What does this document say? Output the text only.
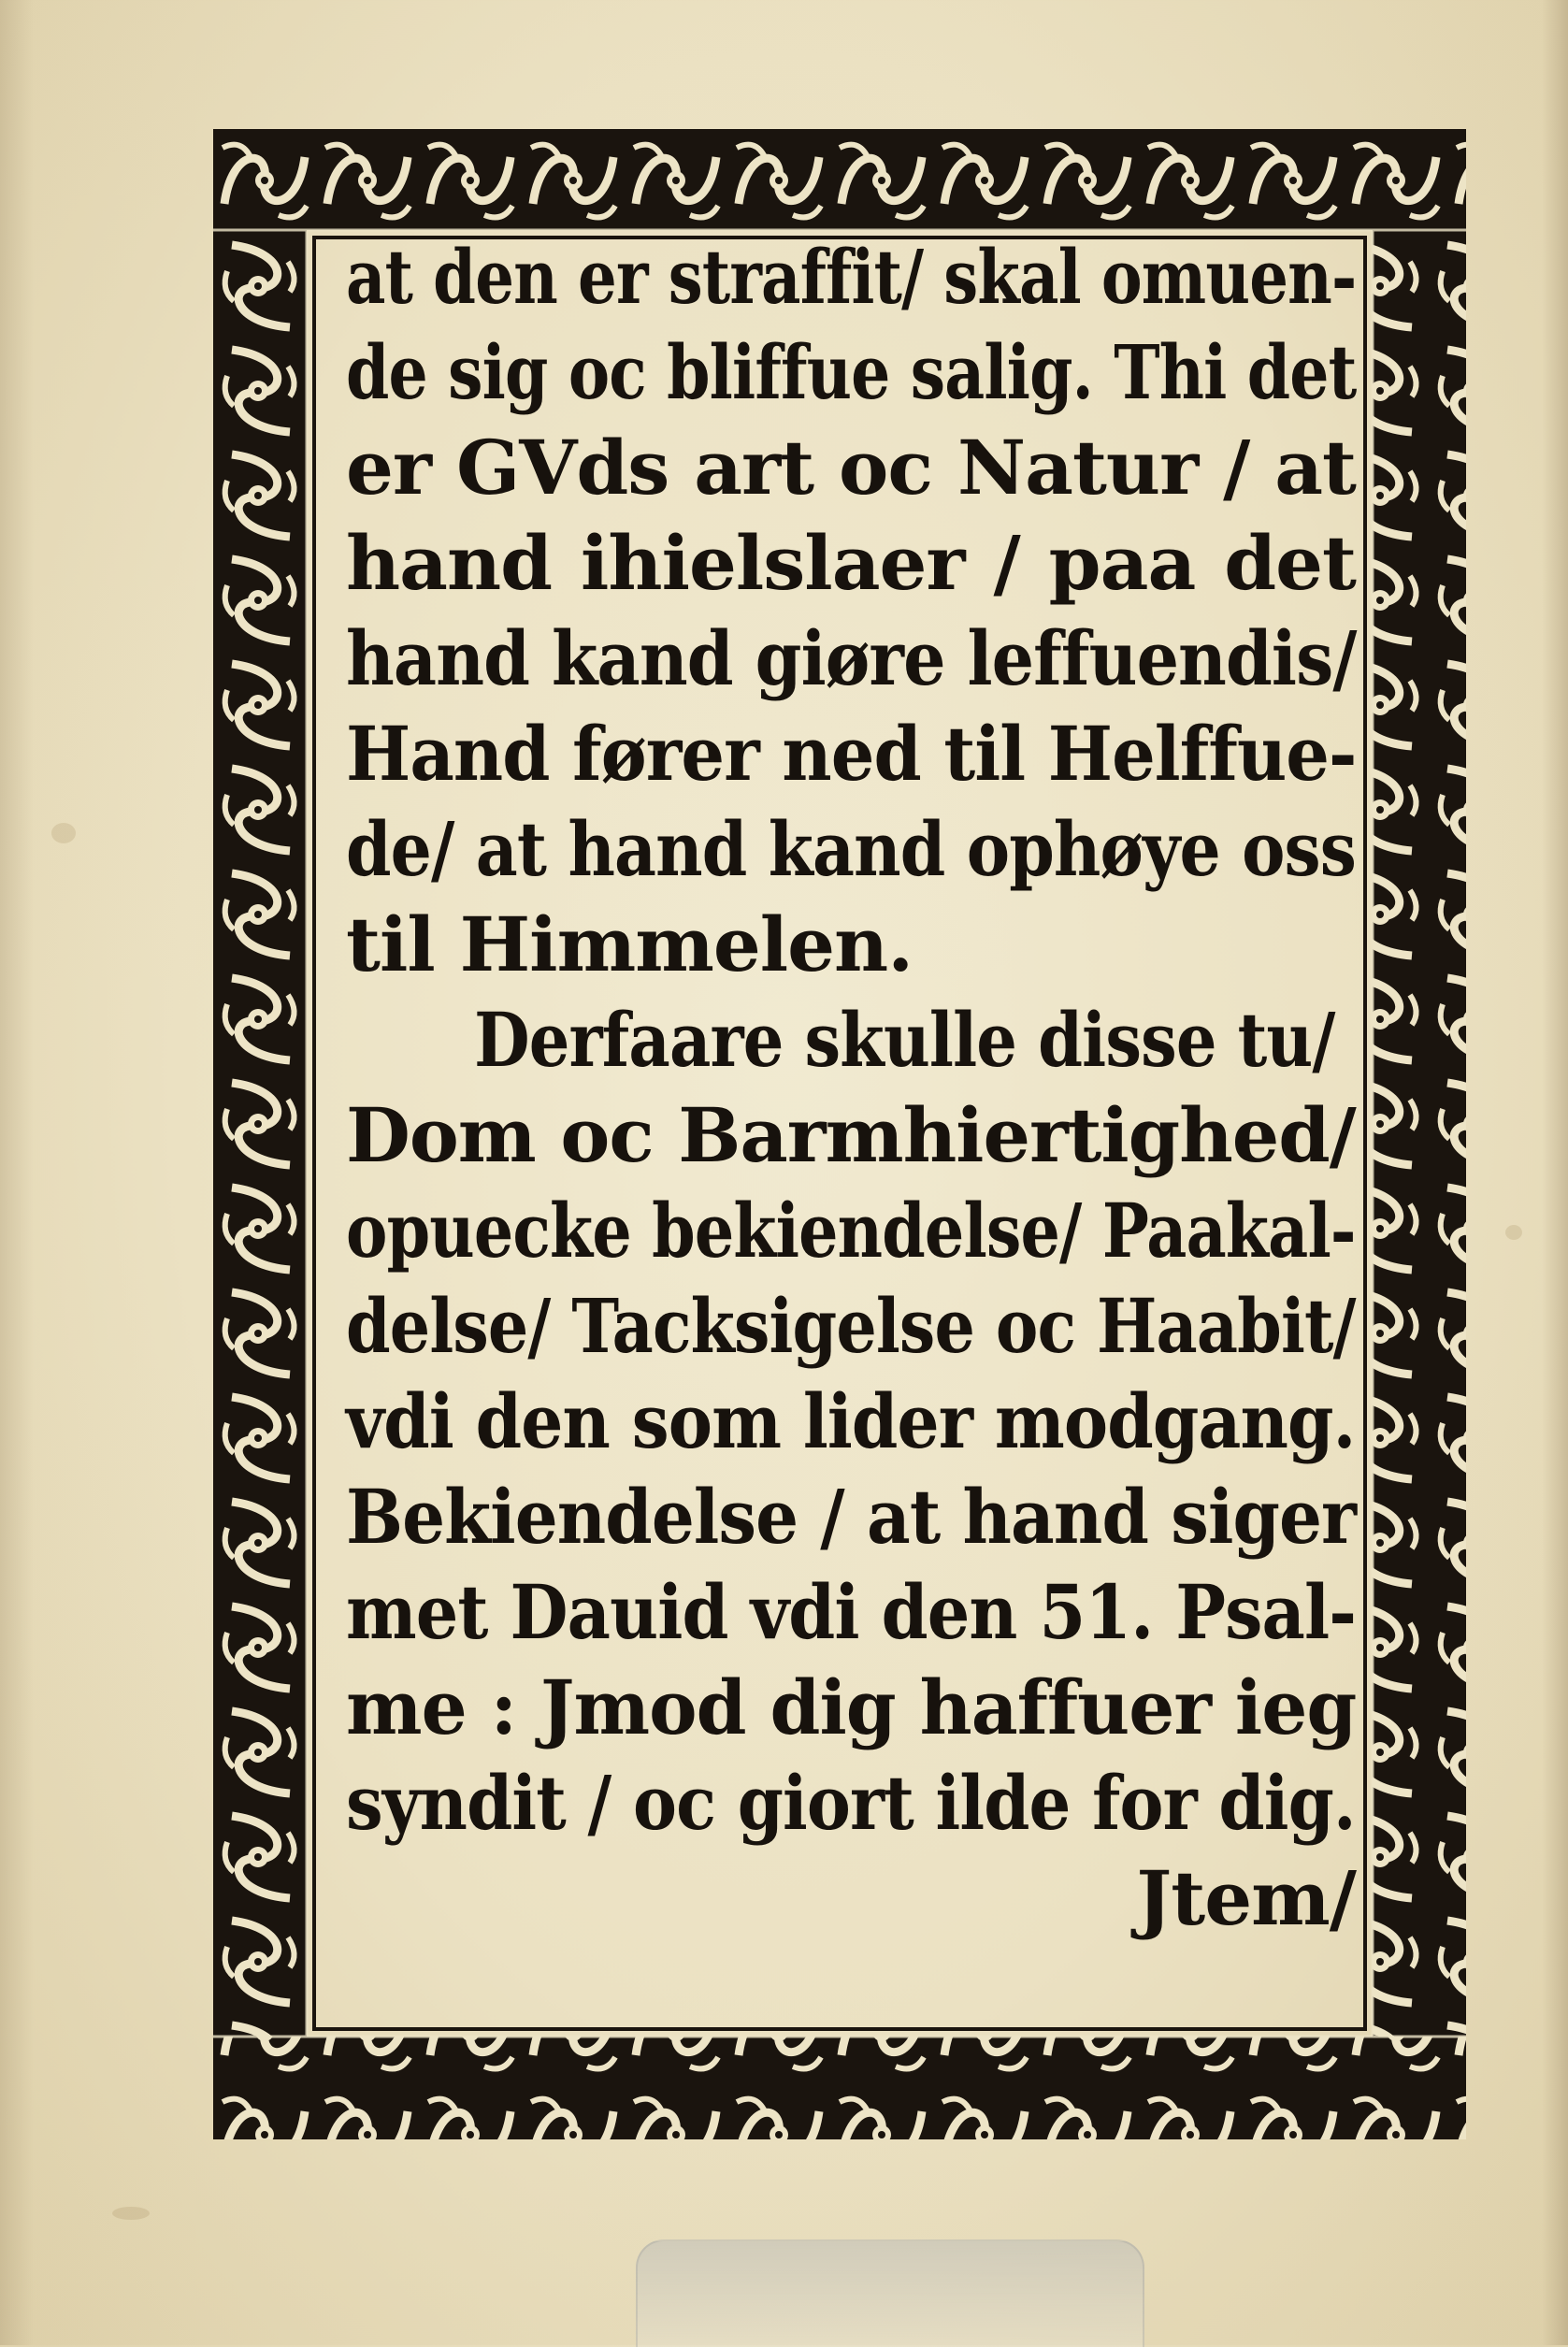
at den er straffit/ skal omuen-
de sig oc bliffue salig. Thi det
er GVds art oc Natur / at
hand ihielslaer / paa det
hand kand giøre leffuendis/
Hand fører ned til Helffue-
de/ at hand kand ophøye oss
til Himmelen.
Derfaare skulle disse tu/
Dom oc Barmhiertighed/
opuecke bekiendelse/ Paakal-
delse/ Tacksigelse oc Haabit/
vdi den som lider modgang.
Bekiendelse / at hand siger
met Dauid vdi den 51. Psal-
me : Jmod dig haffuer ieg
syndit / oc giort ilde for dig.
Jtem/
